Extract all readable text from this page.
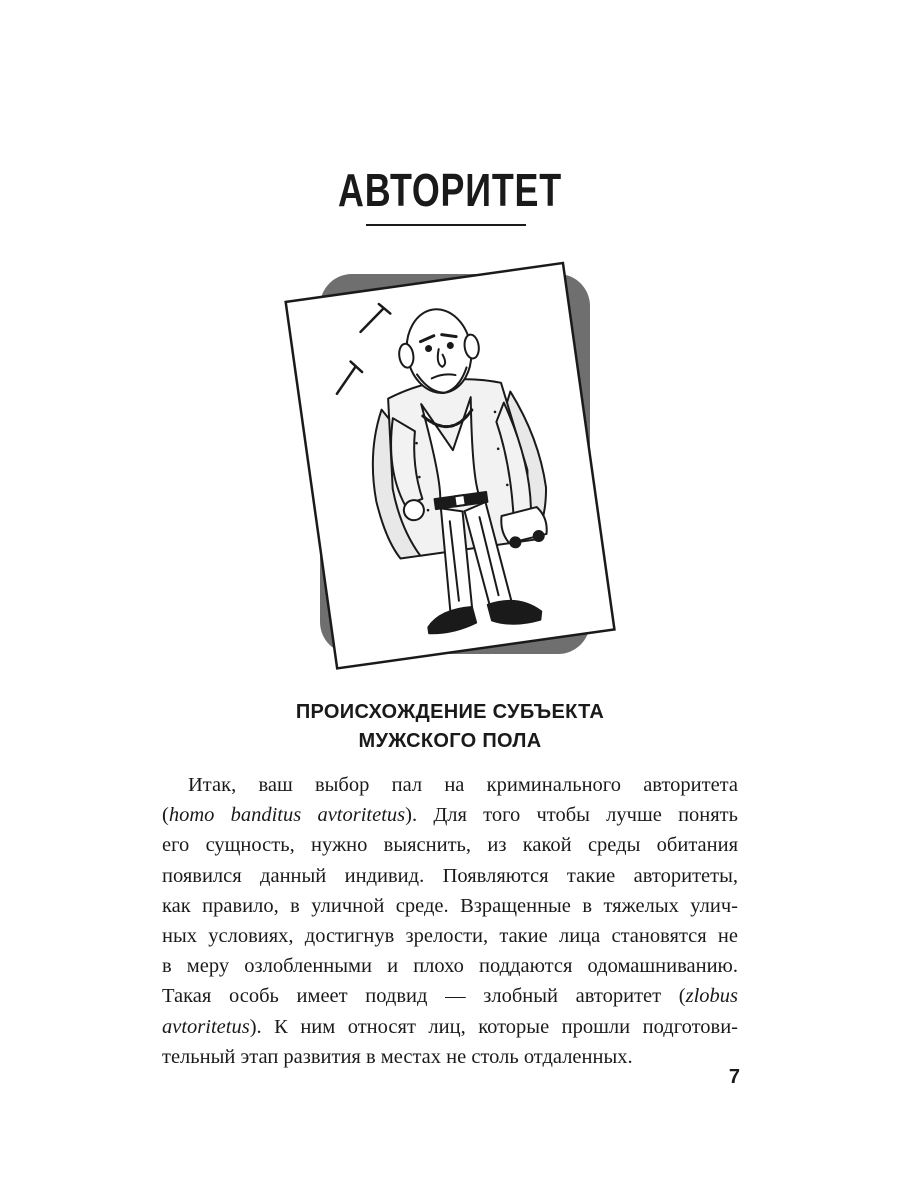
АВТОРИТЕТ
ПРОИСХОЖДЕНИЕ СУБЪЕКТА
МУЖСКОГО ПОЛА
Итак, ваш выбор пал на криминального авторитета
(homo banditus avtoritetus). Для того чтобы лучше понять
его сущность, нужно выяснить, из какой среды обитания
появился данный индивид. Появляются такие авторитеты,
как правило, в уличной среде. Взращенные в тяжелых улич-
ных условиях, достигнув зрелости, такие лица становятся не
в меру озлобленными и плохо поддаются одомашниванию.
Такая особь имеет подвид — злобный авторитет (zlobus
avtoritetus). К ним относят лиц, которые прошли подготови-
тельный этап развития в местах не столь отдаленных.
7
